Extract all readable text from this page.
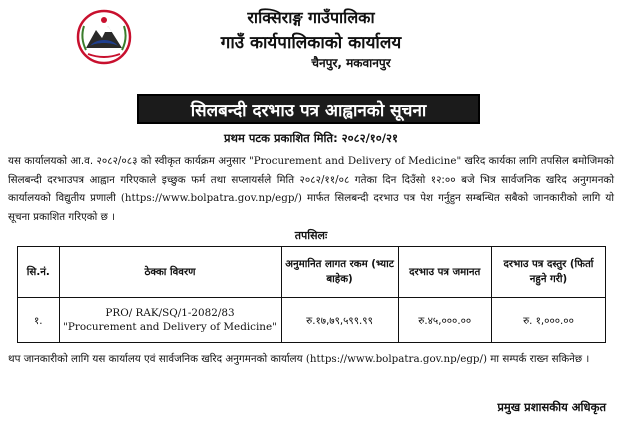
राक्सिराङ्ग गाउँपालिका
गाउँ कार्यपालिकाको कार्यालय
चैनपुर, मकवानपुर
सिलबन्दी दरभाउ पत्र आह्वानको सूचना
प्रथम पटक प्रकाशित मिति: २०८२/१०/२१
यस कार्यालयको आ.व. २०८२/०८३ को स्वीकृत कार्यक्रम अनुसार "Procurement and Delivery of Medicine" खरिद कार्यका लागि तपसिल बमोजिमको सिलबन्दी दरभाउपत्र आह्वान गरिएकाले इच्छुक फर्म तथा सप्लायर्सले मिति २०८२/११/०८ गतेका दिन दिउँसो १२:०० बजे भित्र सार्वजनिक खरिद अनुगमनको कार्यालयको विद्युतीय प्रणाली (https://www.bolpatra.gov.np/egp/) मार्फत सिलबन्दी दरभाउ पत्र पेश गर्नुहुन सम्बन्धित सबैको जानकारीको लागि यो सूचना प्रकाशित गरिएको छ ।
तपसिलः
सि.नं.	ठेक्का विवरण	अनुमानित लागत रकम (भ्याट बाहेक)	दरभाउ पत्र जमानत	दरभाउ पत्र दस्तुर (फिर्ता नहुने गरी)
१.	PRO/ RAK/SQ/1-2082/83
"Procurement and Delivery of Medicine"	रु.१७,७९,५९९.९९	रु.४५,०००.००	रु. १,०००.००
थप जानकारीको लागि यस कार्यालय एवं सार्वजनिक खरिद अनुगमनको कार्यालय (https://www.bolpatra.gov.np/egp/) मा सम्पर्क राख्न सकिनेछ ।
प्रमुख प्रशासकीय अधिकृत
